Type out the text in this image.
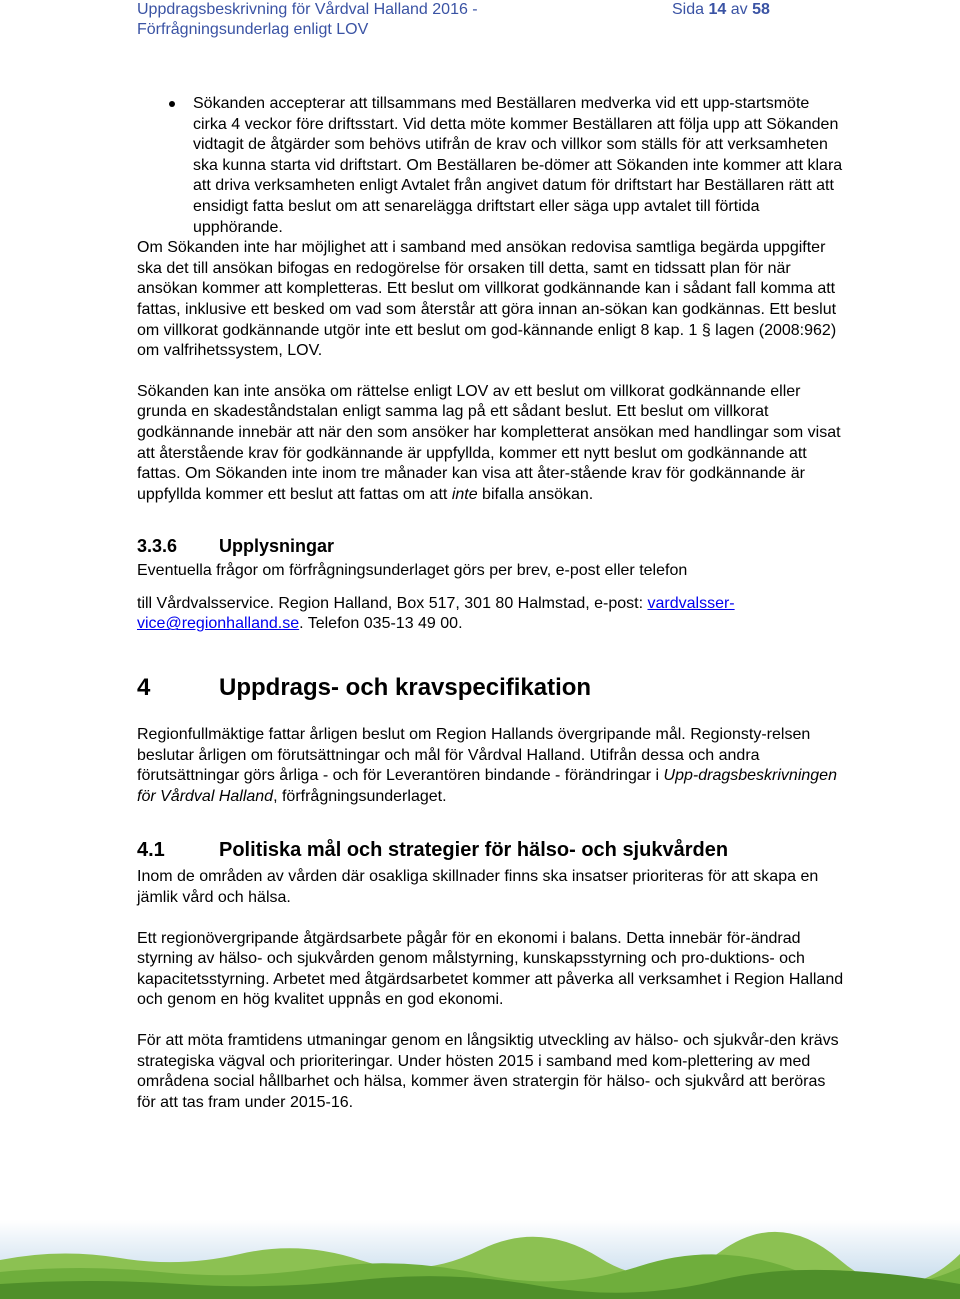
Uppdragsbeskrivning för Vårdval Halland 2016 -
Förfrågningsunderlag enligt LOV
Sida 14 av 58
Sökanden accepterar att tillsammans med Beställaren medverka vid ett upp-startsmöte cirka 4 veckor före driftsstart. Vid detta möte kommer Beställaren att följa upp att Sökanden vidtagit de åtgärder som behövs utifrån de krav och villkor som ställs för att verksamheten ska kunna starta vid driftstart. Om Beställaren be-dömer att Sökanden inte kommer att klara att driva verksamheten enligt Avtalet från angivet datum för driftstart har Beställaren rätt att ensidigt fatta beslut om att senarelägga driftstart eller säga upp avtalet till förtida upphörande.

Om Sökanden inte har möjlighet att i samband med ansökan redovisa samtliga begärda uppgifter ska det till ansökan bifogas en redogörelse för orsaken till detta, samt en tidssatt plan för när ansökan kommer att kompletteras. Ett beslut om villkorat godkännande kan i sådant fall komma att fattas, inklusive ett besked om vad som återstår att göra innan an-sökan kan godkännas. Ett beslut om villkorat godkännande utgör inte ett beslut om god-kännande enligt 8 kap. 1 § lagen (2008:962) om valfrihetssystem, LOV.

Sökanden kan inte ansöka om rättelse enligt LOV av ett beslut om villkorat godkännande eller grunda en skadeståndstalan enligt samma lag på ett sådant beslut. Ett beslut om villkorat godkännande innebär att när den som ansöker har kompletterat ansökan med handlingar som visat att återstående krav för godkännande är uppfyllda, kommer ett nytt beslut om godkännande att fattas. Om Sökanden inte inom tre månader kan visa att åter-stående krav för godkännande är uppfyllda kommer ett beslut att fattas om att inte bifalla ansökan.

3.3.6	Upplysningar

Eventuella frågor om förfrågningsunderlaget görs per brev, e-post eller telefon

till Vårdvalsservice. Region Halland, Box 517, 301 80 Halmstad, e-post: vardvalsser-vice@regionhalland.se. Telefon 035-13 49 00.

4	Uppdrags- och kravspecifikation

Regionfullmäktige fattar årligen beslut om Region Hallands övergripande mål. Regionsty-relsen beslutar årligen om förutsättningar och mål för Vårdval Halland. Utifrån dessa och andra förutsättningar görs årliga - och för Leverantören bindande - förändringar i Upp-dragsbeskrivningen för Vårdval Halland, förfrågningsunderlaget.

4.1	Politiska mål och strategier för hälso- och sjukvården

Inom de områden av vården där osakliga skillnader finns ska insatser prioriteras för att skapa en jämlik vård och hälsa.

Ett regionövergripande åtgärdsarbete pågår för en ekonomi i balans. Detta innebär för-ändrad styrning av hälso- och sjukvården genom målstyrning, kunskapsstyrning och pro-duktions- och kapacitetsstyrning. Arbetet med åtgärdsarbetet kommer att påverka all verksamhet i Region Halland och genom en hög kvalitet uppnås en god ekonomi.

För att möta framtidens utmaningar genom en långsiktig utveckling av hälso- och sjukvår-den krävs strategiska vägval och prioriteringar. Under hösten 2015 i samband med kom-plettering av med områdena social hållbarhet och hälsa, kommer även stratergin för hälso- och sjukvård att beröras för att tas fram under 2015-16.
